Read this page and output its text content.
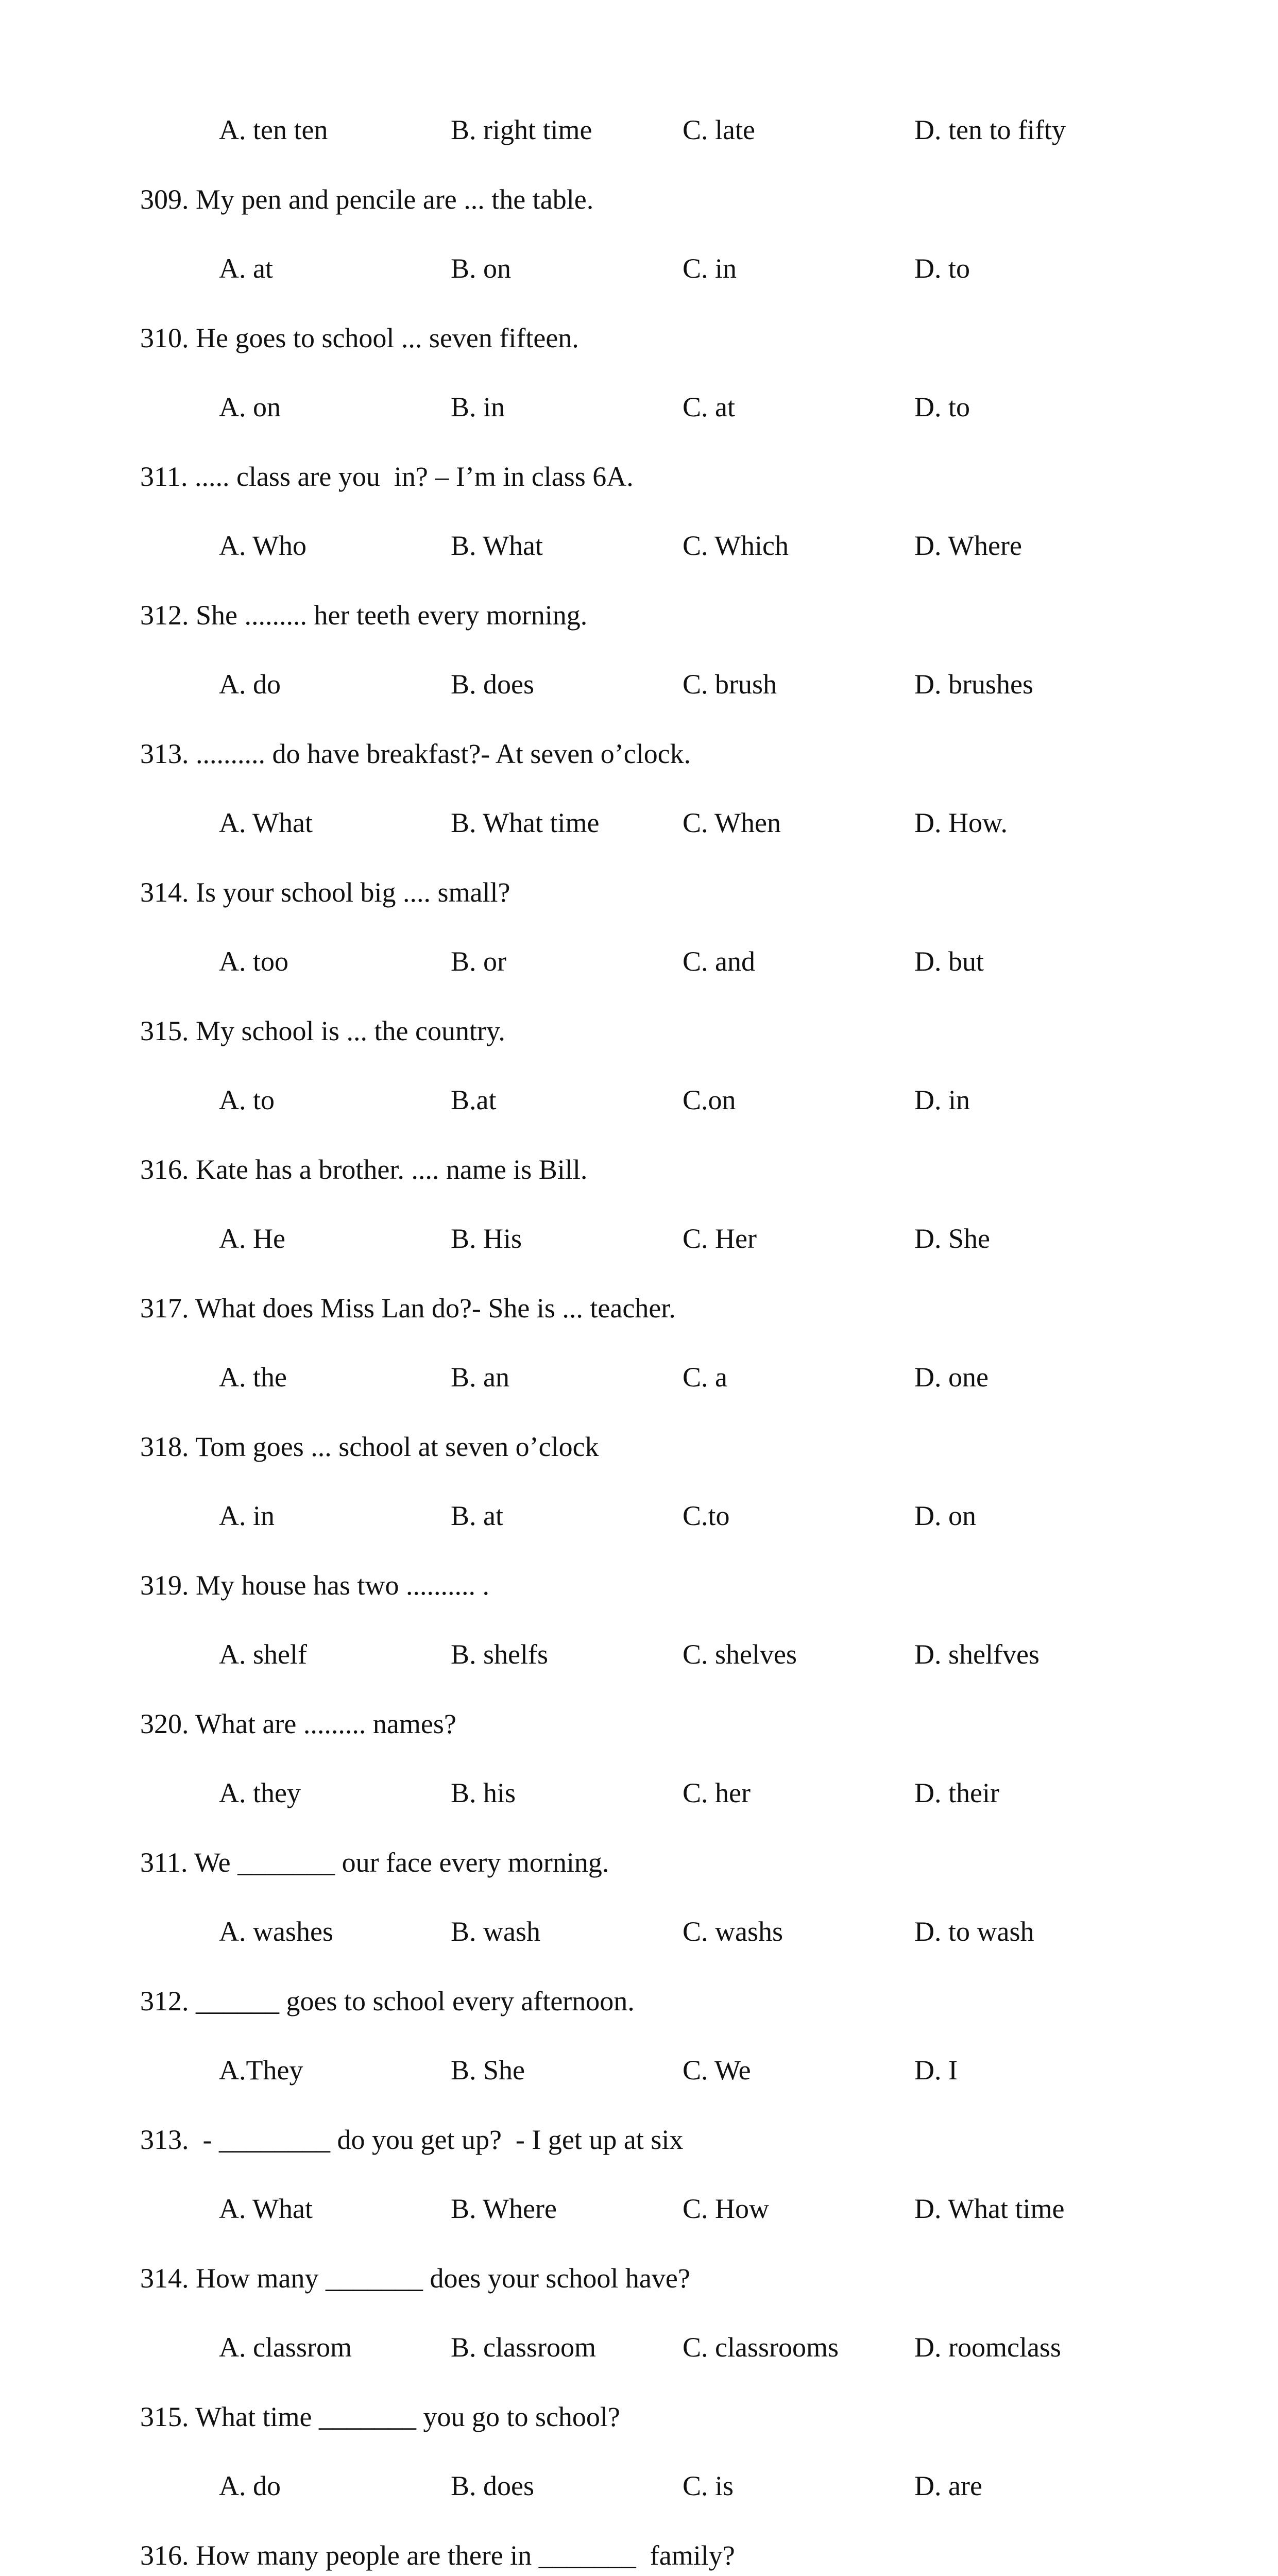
A. ten ten	B. right time	C. late	D. ten to fifty
309. My pen and pencile are ... the table.
A. at	B. on	C. in	D. to
310. He goes to school ... seven fifteen.
A. on	B. in	C. at	D. to
311. ..... class are you  in? – I’m in class 6A.
A. Who	B. What	C. Which	D. Where
312. She ......... her teeth every morning.
A. do	B. does	C. brush	D. brushes
313. .......... do have breakfast?- At seven o’clock.
A. What	B. What time	C. When	D. How.
314. Is your school big .... small?
A. too	B. or	C. and	D. but
315. My school is ... the country.
A. to	B.at	C.on	D. in
316. Kate has a brother. .... name is Bill.
A. He	B. His	C. Her	D. She
317. What does Miss Lan do?- She is ... teacher.
A. the	B. an	C. a	D. one
318. Tom goes ... school at seven o’clock
A. in	B. at	C.to	D. on
319. My house has two .......... .
A. shelf	B. shelfs	C. shelves	D. shelfves
320. What are ......... names?
A. they	B. his	C. her	D. their
311. We _______ our face every morning.
A. washes	B. wash	C. washs	D. to wash
312. ______ goes to school every afternoon.
A.They	B. She	C. We	D. I
313.  - ________ do you get up?  - I get up at six
A. What	B. Where	C. How	D. What time
314. How many _______ does your school have?
A. classrom	B. classroom	C. classrooms	D. roomclass
315. What time _______ you go to school?
A. do	B. does	C. is	D. are
316. How many people are there in _______  family?
